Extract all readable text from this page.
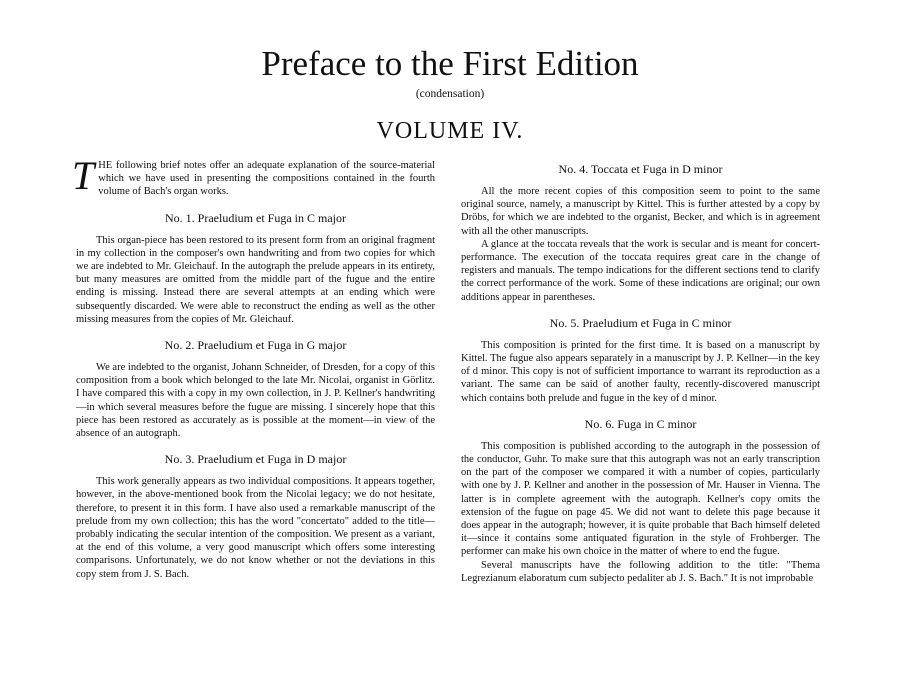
Preface to the First Edition
(condensation)
VOLUME IV.

THE following brief notes offer an adequate explanation of the source-material which we have used in presenting the compositions contained in the fourth volume of Bach's organ works.

No. 1. Praeludium et Fuga in C major

This organ-piece has been restored to its present form from an original fragment in my collection in the composer's own handwriting and from two copies for which we are indebted to Mr. Gleichauf. In the autograph the prelude appears in its entirety, but many measures are omitted from the middle part of the fugue and the entire ending is missing. Instead there are several attempts at an ending which were subsequently discarded. We were able to reconstruct the ending as well as the other missing measures from the copies of Mr. Gleichauf.

No. 2. Praeludium et Fuga in G major

We are indebted to the organist, Johann Schneider, of Dresden, for a copy of this composition from a book which belonged to the late Mr. Nicolai, organist in Görlitz. I have compared this with a copy in my own collection, in J. P. Kellner's handwriting—in which several measures before the fugue are missing. I sincerely hope that this piece has been restored as accurately as is possible at the moment—in view of the absence of an autograph.

No. 3. Praeludium et Fuga in D major

This work generally appears as two individual compositions. It appears together, however, in the above-mentioned book from the Nicolai legacy; we do not hesitate, therefore, to present it in this form. I have also used a remarkable manuscript of the prelude from my own collection; this has the word "concertato" added to the title—probably indicating the secular intention of the composition. We present as a variant, at the end of this volume, a very good manuscript which offers some interesting comparisons. Unfortunately, we do not know whether or not the deviations in this copy stem from J. S. Bach.

No. 4. Toccata et Fuga in D minor

All the more recent copies of this composition seem to point to the same original source, namely, a manuscript by Kittel. This is further attested by a copy by Dröbs, for which we are indebted to the organist, Becker, and which is in agreement with all the other manuscripts.

A glance at the toccata reveals that the work is secular and is meant for concert-performance. The execution of the toccata requires great care in the change of registers and manuals. The tempo indications for the different sections tend to clarify the correct performance of the work. Some of these indications are original; our own additions appear in parentheses.

No. 5. Praeludium et Fuga in C minor

This composition is printed for the first time. It is based on a manuscript by Kittel. The fugue also appears separately in a manuscript by J. P. Kellner—in the key of d minor. This copy is not of sufficient importance to warrant its reproduction as a variant. The same can be said of another faulty, recently-discovered manuscript which contains both prelude and fugue in the key of d minor.

No. 6. Fuga in C minor

This composition is published according to the autograph in the possession of the conductor, Guhr. To make sure that this autograph was not an early transcription on the part of the composer we compared it with a number of copies, particularly with one by J. P. Kellner and another in the possession of Mr. Hauser in Vienna. The latter is in complete agreement with the autograph. Kellner's copy omits the extension of the fugue on page 45. We did not want to delete this page because it does appear in the autograph; however, it is quite probable that Bach himself deleted it—since it contains some antiquated figuration in the style of Frohberger. The performer can make his own choice in the matter of where to end the fugue.

Several manuscripts have the following addition to the title: "Thema Legrezianum elaboratum cum subjecto pedaliter ab J. S. Bach." It is not improbable
